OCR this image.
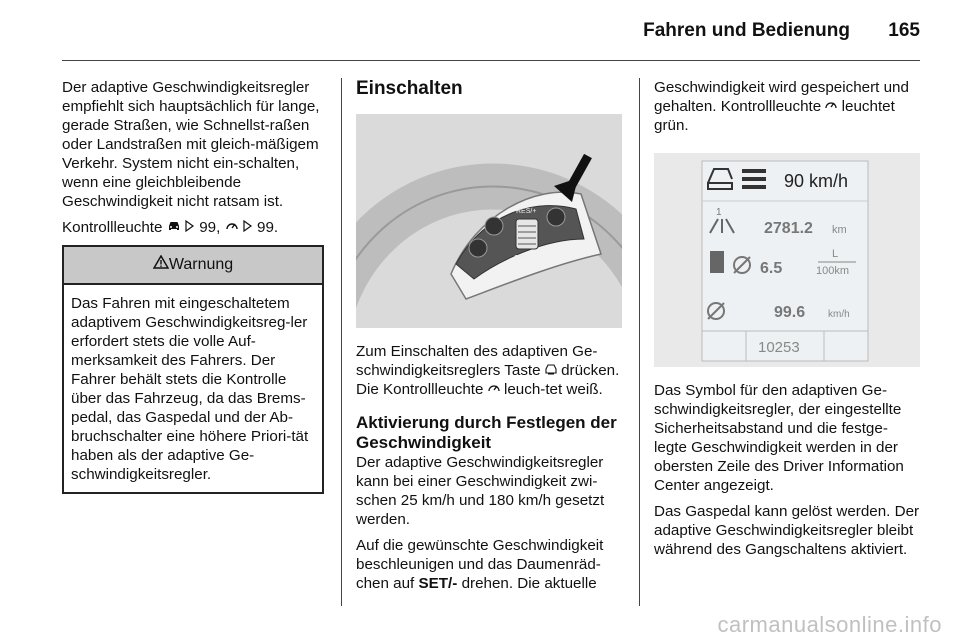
Fahren und Bedienung 165

Der adaptive Geschwindigkeitsregler empfiehlt sich hauptsächlich für lange, gerade Straßen, wie Schnellst-raßen oder Landstraßen mit gleich-mäßigem Verkehr. System nicht ein-schalten, wenn eine gleichbleibende Geschwindigkeit nicht ratsam ist.

Kontrollleuchte 99, 99.

Warnung
Das Fahren mit eingeschaltetem adaptivem Geschwindigkeitsreg-ler erfordert stets die volle Auf-merksamkeit des Fahrers. Der Fahrer behält stets die Kontrolle über das Fahrzeug, da das Brems-pedal, das Gaspedal und der Ab-bruchschalter eine höhere Priori-tät haben als der adaptive Ge-schwindigkeitsregler.

Einschalten

RES/+
SET/-

Zum Einschalten des adaptiven Ge-schwindigkeitsreglers Taste drücken. Die Kontrollleuchte leuch-tet weiß.

Aktivierung durch Festlegen der Geschwindigkeit

Der adaptive Geschwindigkeitsregler kann bei einer Geschwindigkeit zwi-schen 25 km/h und 180 km/h gesetzt werden.

Auf die gewünschte Geschwindigkeit beschleunigen und das Daumenräd-chen auf SET/- drehen. Die aktuelle

Geschwindigkeit wird gespeichert und gehalten. Kontrollleuchte leuchtet grün.

90 km/h
1
2781.2 km
6.5
L
100km
99.6 km/h
10253

Das Symbol für den adaptiven Ge-schwindigkeitsregler, der eingestellte Sicherheitsabstand und die festge-legte Geschwindigkeit werden in der obersten Zeile des Driver Information Center angezeigt.

Das Gaspedal kann gelöst werden. Der adaptive Geschwindigkeitsregler bleibt während des Gangschaltens aktiviert.

carmanualsonline.info
